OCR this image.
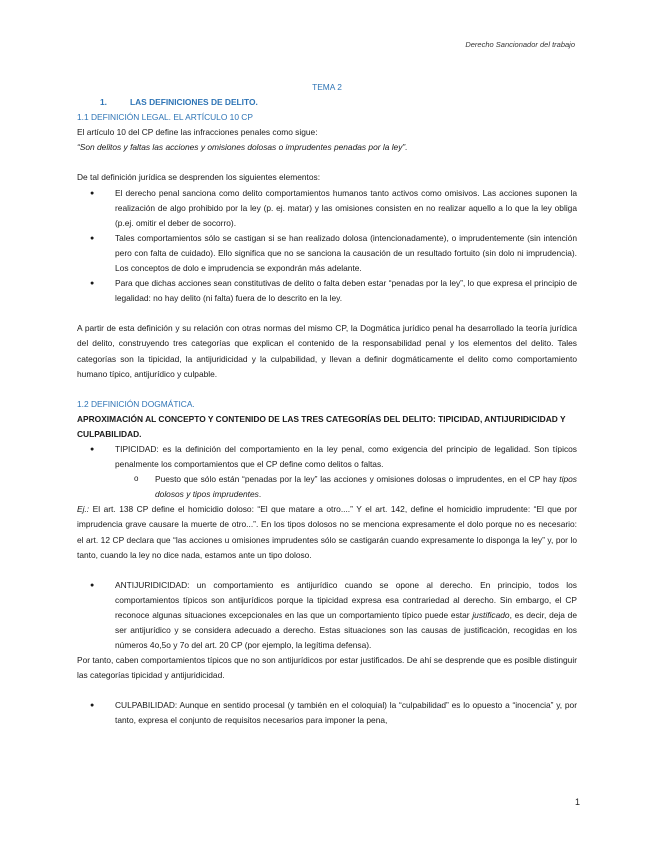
Derecho Sancionador del trabajo

TEMA 2

1.	LAS DEFINICIONES DE DELITO.

1.1 DEFINICIÓN LEGAL. EL ARTÍCULO 10 CP

El artículo 10 del CP define las infracciones penales como sigue:

“Son delitos y faltas las acciones y omisiones dolosas o imprudentes penadas por la ley”.

De tal definición jurídica se desprenden los siguientes elementos:

● El derecho penal sanciona como delito comportamientos humanos tanto activos como omisivos. Las acciones suponen la realización de algo prohibido por la ley (p. ej. matar) y las omisiones consisten en no realizar aquello a lo que la ley obliga (p.ej. omitir el deber de socorro).
● Tales comportamientos sólo se castigan si se han realizado dolosa (intencionadamente), o imprudentemente (sin intención pero con falta de cuidado). Ello significa que no se sanciona la causación de un resultado fortuito (sin dolo ni imprudencia). Los conceptos de dolo e imprudencia se expondrán más adelante.
● Para que dichas acciones sean constitutivas de delito o falta deben estar “penadas por la ley”, lo que expresa el principio de legalidad: no hay delito (ni falta) fuera de lo descrito en la ley.

A partir de esta definición y su relación con otras normas del mismo CP, la Dogmática jurídico penal ha desarrollado la teoría jurídica del delito, construyendo tres categorías que explican el contenido de la responsabilidad penal y los elementos del delito. Tales categorías son la tipicidad, la antijuridicidad y la culpabilidad, y llevan a definir dogmáticamente el delito como comportamiento humano típico, antijurídico y culpable.

1.2 DEFINICIÓN DOGMÁTICA.

APROXIMACIÓN AL CONCEPTO Y CONTENIDO DE LAS TRES CATEGORÍAS DEL DELITO: TIPICIDAD, ANTIJURIDICIDAD Y CULPABILIDAD.

● TIPICIDAD: es la definición del comportamiento en la ley penal, como exigencia del principio de legalidad. Son típicos penalmente los comportamientos que el CP define como delitos o faltas.
o Puesto que sólo están “penadas por la ley” las acciones y omisiones dolosas o imprudentes, en el CP hay tipos dolosos y tipos imprudentes.

Ej.: El art. 138 CP define el homicidio doloso: “El que matare a otro....” Y el art. 142, define el homicidio imprudente: “El que por imprudencia grave causare la muerte de otro...”. En los tipos dolosos no se menciona expresamente el dolo porque no es necesario: el art. 12 CP declara que “las acciones u omisiones imprudentes sólo se castigarán cuando expresamente lo disponga la ley” y, por lo tanto, cuando la ley no dice nada, estamos ante un tipo doloso.

● ANTIJURIDICIDAD: un comportamiento es antijurídico cuando se opone al derecho. En principio, todos los comportamientos típicos son antijurídicos porque la tipicidad expresa esa contrariedad al derecho. Sin embargo, el CP reconoce algunas situaciones excepcionales en las que un comportamiento típico puede estar justificado, es decir, deja de ser antijurídico y se considera adecuado a derecho. Estas situaciones son las causas de justificación, recogidas en los números 4o,5o y 7o del art. 20 CP (por ejemplo, la legítima defensa).

Por tanto, caben comportamientos típicos que no son antijurídicos por estar justificados. De ahí se desprende que es posible distinguir las categorías tipicidad y antijuridicidad.

● CULPABILIDAD: Aunque en sentido procesal (y también en el coloquial) la “culpabilidad” es lo opuesto a “inocencia” y, por tanto, expresa el conjunto de requisitos necesarios para imponer la pena,
1
